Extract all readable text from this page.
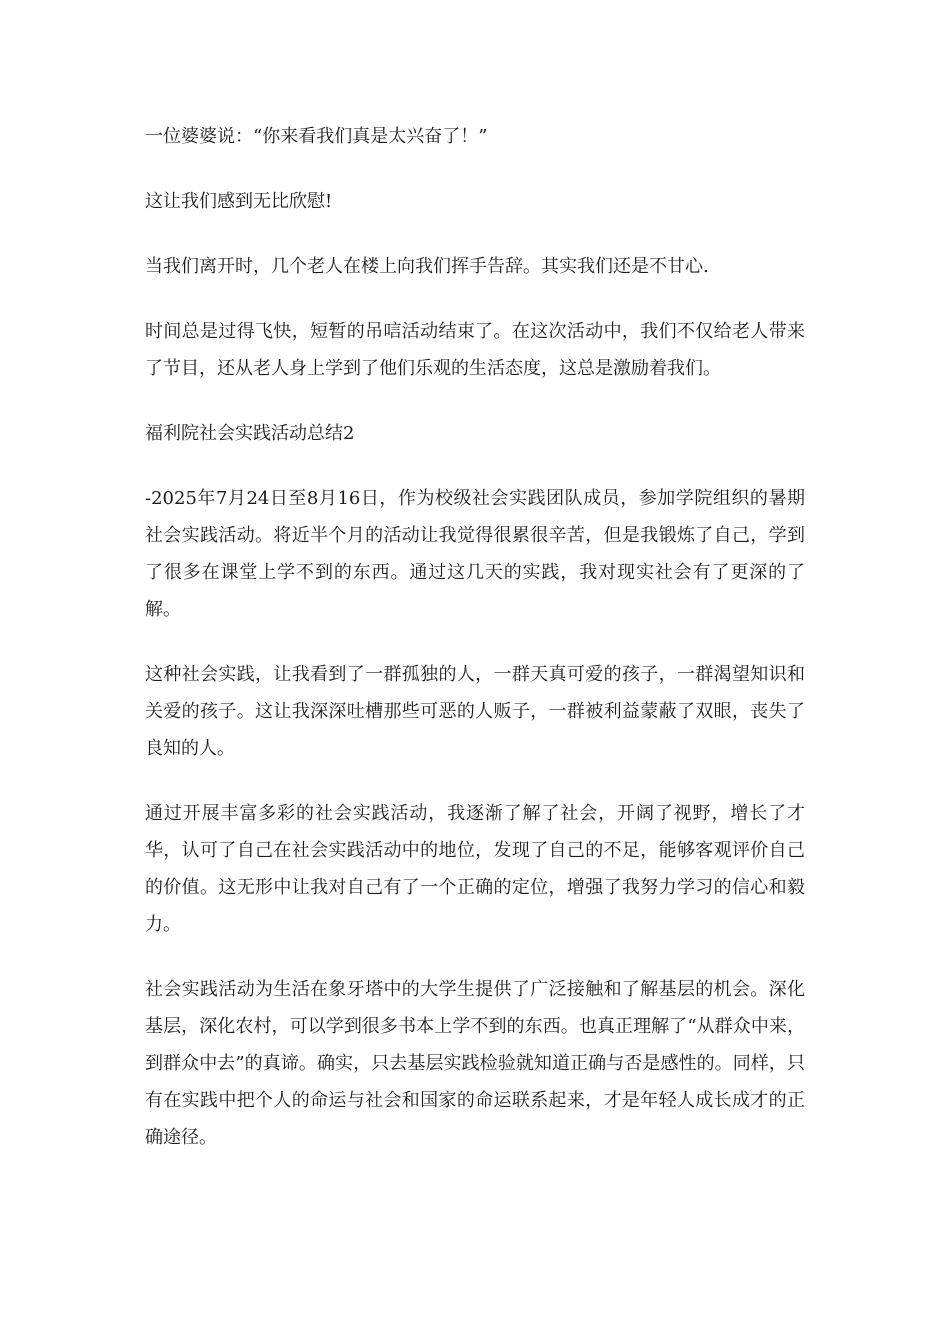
一位婆婆说：“你来看我们真是太兴奋了！”

这让我们感到无比欣慰!

当我们离开时，几个老人在楼上向我们挥手告辞。其实我们还是不甘心.

时间总是过得飞快，短暂的吊唁活动结束了。在这次活动中，我们不仅给老人带来了节目，还从老人身上学到了他们乐观的生活态度，这总是激励着我们。

福利院社会实践活动总结2

-2025年7月24日至8月16日，作为校级社会实践团队成员，参加学院组织的暑期社会实践活动。将近半个月的活动让我觉得很累很辛苦，但是我锻炼了自己，学到了很多在课堂上学不到的东西。通过这几天的实践，我对现实社会有了更深的了解。

这种社会实践，让我看到了一群孤独的人，一群天真可爱的孩子，一群渴望知识和关爱的孩子。这让我深深吐槽那些可恶的人贩子，一群被利益蒙蔽了双眼，丧失了良知的人。

通过开展丰富多彩的社会实践活动，我逐渐了解了社会，开阔了视野，增长了才华，认可了自己在社会实践活动中的地位，发现了自己的不足，能够客观评价自己的价值。这无形中让我对自己有了一个正确的定位，增强了我努力学习的信心和毅力。

社会实践活动为生活在象牙塔中的大学生提供了广泛接触和了解基层的机会。深化基层，深化农村，可以学到很多书本上学不到的东西。也真正理解了“从群众中来，到群众中去”的真谛。确实，只去基层实践检验就知道正确与否是感性的。同样，只有在实践中把个人的命运与社会和国家的命运联系起来，才是年轻人成长成才的正确途径。
